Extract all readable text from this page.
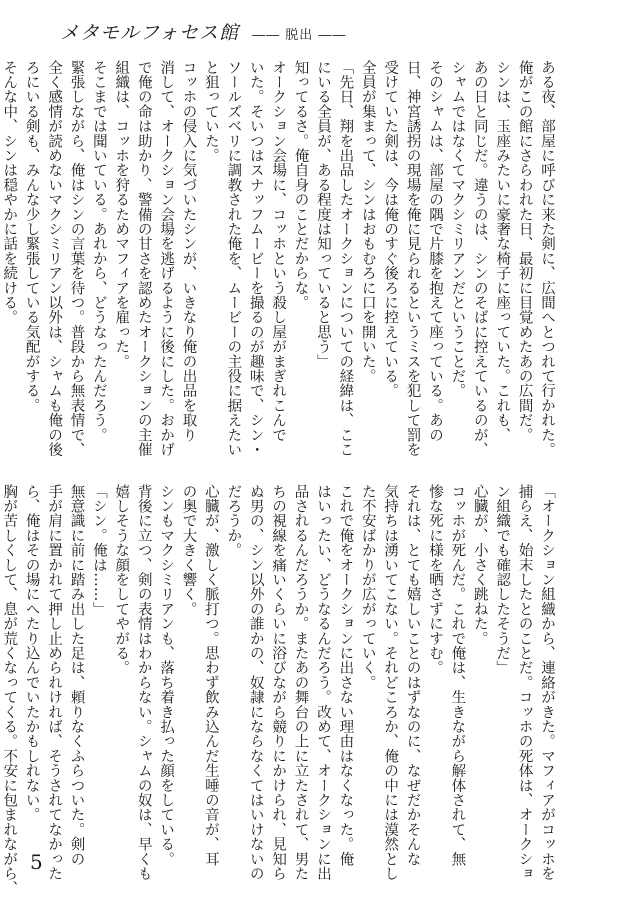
メタモルフォセス館 ―― 脱出 ――

ある夜、部屋に呼びに来た剣に、広間へとつれて行かれた。

俺がこの館にさらわれた日、最初に目覚めたあの広間だ。

シンは、玉座みたいに豪奢な椅子に座っていた。これも、

あの日と同じだ。違うのは、シンのそばに控えているのが、

シャムではなくてマクシミリアンだということだ。

そのシャムは、部屋の隅で片膝を抱えて座っている。あの

日、神宮誘拐の現場を俺に見られるというミスを犯して罰を

受けていた剣は、今は俺のすぐ後ろに控えている。

全員が集まって、シンはおもむろに口を開いた。

「先日、翔を出品したオークションについての経緯は、ここ

にいる全員が、ある程度は知っていると思う」

知ってるさ。俺自身のことだからな。

オークション会場に、コッホという殺し屋がまぎれこんで

いた。そいつはスナッフムービーを撮るのが趣味で、シン・

ソールズベリに調教された俺を、ムービーの主役に据えたい

と狙っていた。

コッホの侵入に気づいたシンが、いきなり俺の出品を取り

消して、オークション会場を逃げるように後にした。おかげ

で俺の命は助かり、警備の甘さを認めたオークションの主催

組織は、コッホを狩るためマフィアを雇った。

そこまでは聞いている。あれから、どうなったんだろう。

緊張しながら、俺はシンの言葉を待つ。普段から無表情で、

全く感情が読めないマクシミリアン以外は、シャムも俺の後

ろにいる剣も、みんな少し緊張している気配がする。

そんな中、シンは穏やかに話を続ける。

「オークション組織から、連絡がきた。マフィアがコッホを

捕らえ、始末したとのことだ。コッホの死体は、オークショ

ン組織でも確認したそうだ」

心臓が、小さく跳ねた。

コッホが死んだ。これで俺は、生きながら解体されて、無

惨な死に様を晒さずにすむ。

それは、とても嬉しいことのはずなのに、なぜだかそんな

気持ちは湧いてこない。それどころか、俺の中には漠然とし

た不安ばかりが広がっていく。

これで俺をオークションに出さない理由はなくなった。俺

はいったい、どうなるんだろう。改めて、オークションに出

品されるんだろうか。またあの舞台の上に立たされて、男た

ちの視線を痛いくらいに浴びながら競りにかけられ、見知ら

ぬ男の、シン以外の誰かの、奴隷にならなくてはいけないの

だろうか。

心臓が、激しく脈打つ。思わず飲み込んだ生唾の音が、耳

の奥で大きく響く。

シンもマクシミリアンも、落ち着き払った顔をしている。

背後に立つ、剣の表情はわからない。シャムの奴は、早くも

嬉しそうな顔をしてやがる。

「シン。俺は……」

無意識に前に踏み出した足は、頼りなくふらついた。剣の

手が肩に置かれて押し止められければ、そうされてなかった

ら、俺はその場にへたり込んでいたかもしれない。

胸が苦しくして、息が荒くなってくる。不安に包まれながら、 5
